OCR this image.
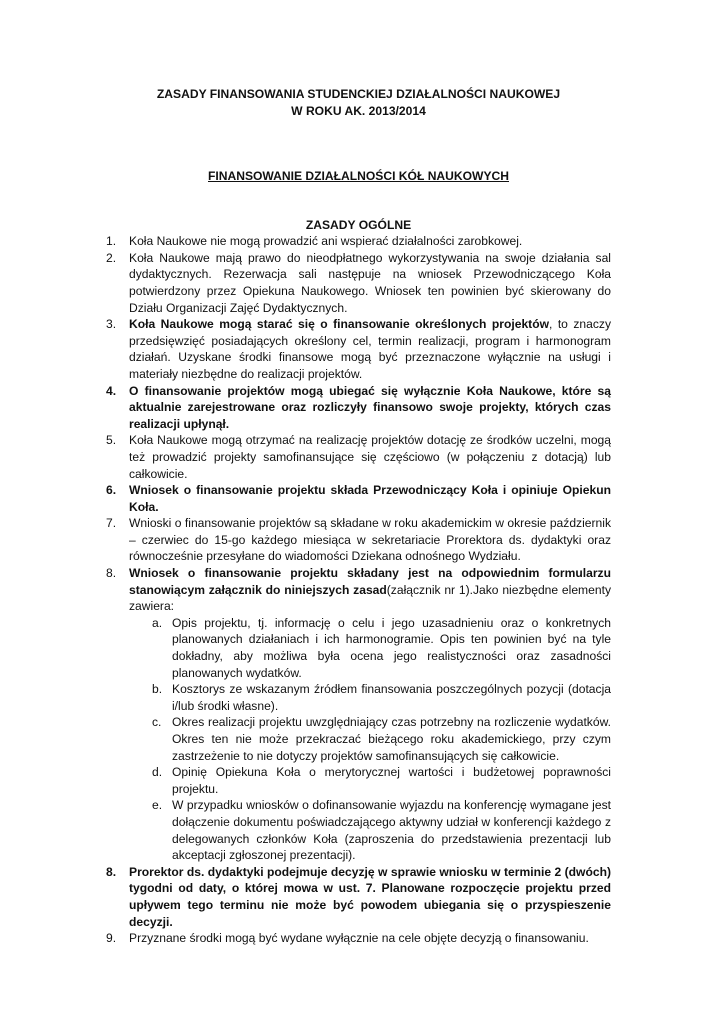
ZASADY FINANSOWANIA STUDENCKIEJ DZIAŁALNOŚCI NAUKOWEJ
W ROKU AK. 2013/2014
FINANSOWANIE DZIAŁALNOŚCI KÓŁ NAUKOWYCH
ZASADY OGÓLNE
1. Koła Naukowe nie mogą prowadzić ani wspierać działalności zarobkowej.
2. Koła Naukowe mają prawo do nieodpłatnego wykorzystywania na swoje działania sal dydaktycznych. Rezerwacja sali następuje na wniosek Przewodniczącego Koła potwierdzony przez Opiekuna Naukowego. Wniosek ten powinien być skierowany do Działu Organizacji Zajęć Dydaktycznych.
3. Koła Naukowe mogą starać się o finansowanie określonych projektów, to znaczy przedsięwzięć posiadających określony cel, termin realizacji, program i harmonogram działań. Uzyskane środki finansowe mogą być przeznaczone wyłącznie na usługi i materiały niezbędne do realizacji projektów.
4. O finansowanie projektów mogą ubiegać się wyłącznie Koła Naukowe, które są aktualnie zarejestrowane oraz rozliczyły finansowo swoje projekty, których czas realizacji upłynął.
5. Koła Naukowe mogą otrzymać na realizację projektów dotację ze środków uczelni, mogą też prowadzić projekty samofinansujące się częściowo (w połączeniu z dotacją) lub całkowicie.
6. Wniosek o finansowanie projektu składa Przewodniczący Koła i opiniuje Opiekun Koła.
7. Wnioski o finansowanie projektów są składane w roku akademickim w okresie październik – czerwiec do 15-go każdego miesiąca w sekretariacie Prorektora ds. dydaktyki oraz równocześnie przesyłane do wiadomości Dziekana odnośnego Wydziału.
8. Wniosek o finansowanie projektu składany jest na odpowiednim formularzu stanowiącym załącznik do niniejszych zasad(załącznik nr 1).Jako niezbędne elementy zawiera:
a. Opis projektu, tj. informację o celu i jego uzasadnieniu oraz o konkretnych planowanych działaniach i ich harmonogramie. Opis ten powinien być na tyle dokładny, aby możliwa była ocena jego realistyczności oraz zasadności planowanych wydatków.
b. Kosztorys ze wskazanym źródłem finansowania poszczególnych pozycji (dotacja i/lub środki własne).
c. Okres realizacji projektu uwzględniający czas potrzebny na rozliczenie wydatków. Okres ten nie może przekraczać bieżącego roku akademickiego, przy czym zastrzeżenie to nie dotyczy projektów samofinansujących się całkowicie.
d. Opinię Opiekuna Koła o merytorycznej wartości i budżetowej poprawności projektu.
e. W przypadku wniosków o dofinansowanie wyjazdu na konferencję wymagane jest dołączenie dokumentu poświadczającego aktywny udział w konferencji każdego z delegowanych członków Koła (zaproszenia do przedstawienia prezentacji lub akceptacji zgłoszonej prezentacji).
8. Prorektor ds. dydaktyki podejmuje decyzję w sprawie wniosku w terminie 2 (dwóch) tygodni od daty, o której mowa w ust. 7. Planowane rozpoczęcie projektu przed upływem tego terminu nie może być powodem ubiegania się o przyspieszenie decyzji.
9. Przyznane środki mogą być wydane wyłącznie na cele objęte decyzją o finansowaniu.
